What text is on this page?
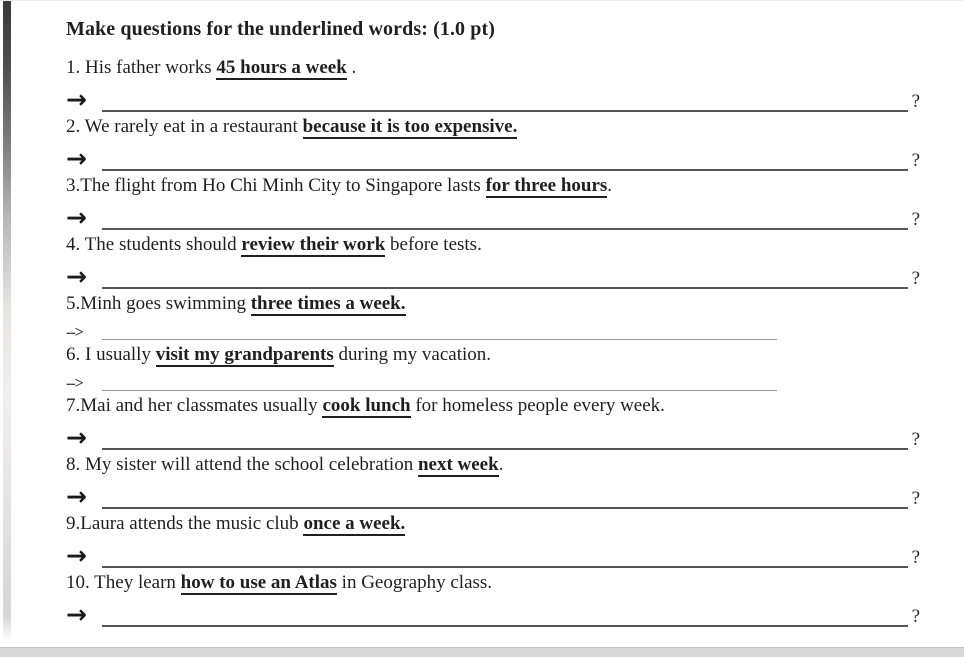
Make questions for the underlined words: (1.0 pt)
1. His father works 45 hours a week .
→	?
2. We rarely eat in a restaurant because it is too expensive.
→	?
3.The flight from Ho Chi Minh City to Singapore lasts for three hours.
→	?
4. The students should review their work before tests.
→	?
5.Minh goes swimming three times a week.
-->
6. I usually visit my grandparents during my vacation.
-->
7.Mai and her classmates usually cook lunch for homeless people every week.
→	?
8. My sister will attend the school celebration next week.
→	?
9.Laura attends the music club once a week.
→	?
10. They learn how to use an Atlas in Geography class.
→	?
